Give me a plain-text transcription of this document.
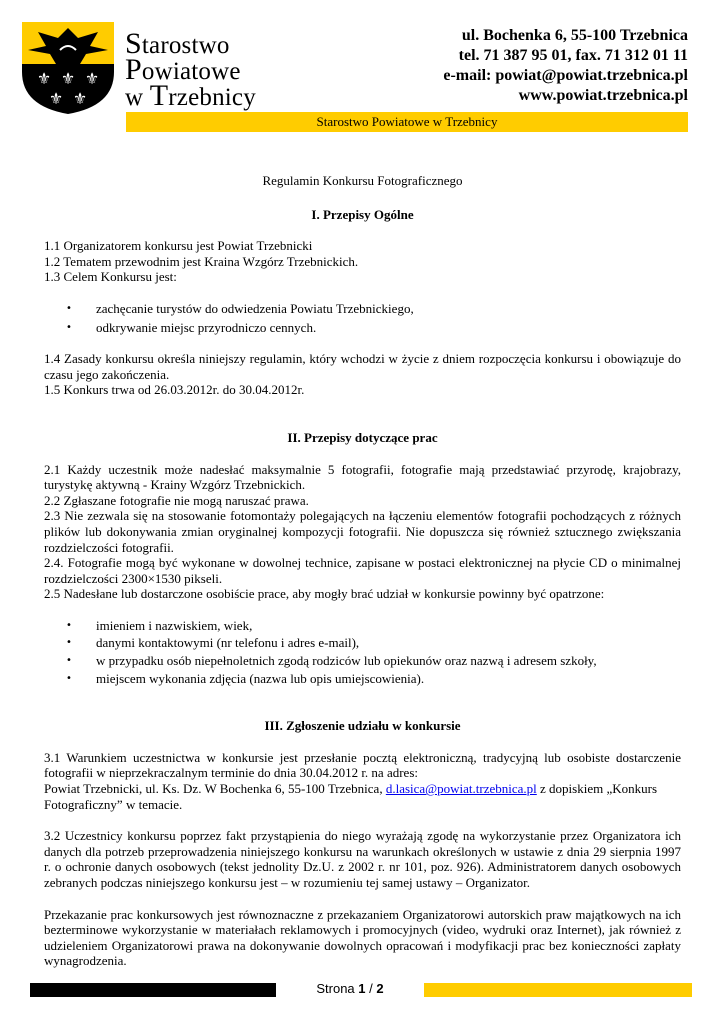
⚜ ⚜ ⚜
⚜ ⚜
Starostwo
Powiatowe
w Trzebnicy
ul. Bochenka 6, 55-100 Trzebnica
tel. 71 387 95 01, fax. 71 312 01 11
e-mail: powiat@powiat.trzebnica.pl
www.powiat.trzebnica.pl
Starostwo Powiatowe w Trzebnicy

Regulamin Konkursu Fotograficznego

I. Przepisy Ogólne

1.1 Organizatorem konkursu jest Powiat Trzebnicki

1.2 Tematem przewodnim jest Kraina Wzgórz Trzebnickich.

1.3 Celem Konkursu jest:

• zachęcanie turystów do odwiedzenia Powiatu Trzebnickiego,
• odkrywanie miejsc przyrodniczo cennych.

1.4 Zasady konkursu określa niniejszy regulamin, który wchodzi w życie z dniem rozpoczęcia konkursu i obowiązuje do czasu jego zakończenia.

1.5 Konkurs trwa od 26.03.2012r. do 30.04.2012r.

II. Przepisy dotyczące prac

2.1 Każdy uczestnik może nadesłać maksymalnie 5 fotografii, fotografie mają przedstawiać przyrodę, krajobrazy, turystykę aktywną - Krainy Wzgórz Trzebnickich.

2.2 Zgłaszane fotografie nie mogą naruszać prawa.

2.3 Nie zezwala się na stosowanie fotomontaży polegających na łączeniu elementów fotografii pochodzących z różnych plików lub dokonywania zmian oryginalnej kompozycji fotografii. Nie dopuszcza się również sztucznego zwiększania rozdzielczości fotografii.

2.4. Fotografie mogą być wykonane w dowolnej technice, zapisane w postaci elektronicznej na płycie CD o minimalnej rozdzielczości 2300×1530 pikseli.

2.5 Nadesłane lub dostarczone osobiście prace, aby mogły brać udział w konkursie powinny być opatrzone:

• imieniem i nazwiskiem, wiek,
• danymi kontaktowymi (nr telefonu i adres e-mail),
• w przypadku osób niepełnoletnich zgodą rodziców lub opiekunów oraz nazwą i adresem szkoły,
• miejscem wykonania zdjęcia (nazwa lub opis umiejscowienia).

III. Zgłoszenie udziału w konkursie

3.1 Warunkiem uczestnictwa w konkursie jest przesłanie pocztą elektroniczną, tradycyjną lub osobiste dostarczenie fotografii w nieprzekraczalnym terminie do dnia 30.04.2012 r. na adres:

Powiat Trzebnicki, ul. Ks. Dz. W Bochenka 6, 55-100 Trzebnica, d.lasica@powiat.trzebnica.pl z dopiskiem „Konkurs Fotograficzny” w temacie.

3.2 Uczestnicy konkursu poprzez fakt przystąpienia do niego wyrażają zgodę na wykorzystanie przez Organizatora ich danych dla potrzeb przeprowadzenia niniejszego konkursu na warunkach określonych w ustawie z dnia 29 sierpnia 1997 r. o ochronie danych osobowych (tekst jednolity Dz.U. z 2002 r. nr 101, poz. 926). Administratorem danych osobowych zebranych podczas niniejszego konkursu jest – w rozumieniu tej samej ustawy – Organizator.

Przekazanie prac konkursowych jest równoznaczne z przekazaniem Organizatorowi autorskich praw majątkowych na ich bezterminowe wykorzystanie w materiałach reklamowych i promocyjnych (video, wydruki oraz Internet), jak również z udzieleniem Organizatorowi prawa na dokonywanie dowolnych opracowań i modyfikacji prac bez konieczności zapłaty wynagrodzenia.

Strona 1 / 2
